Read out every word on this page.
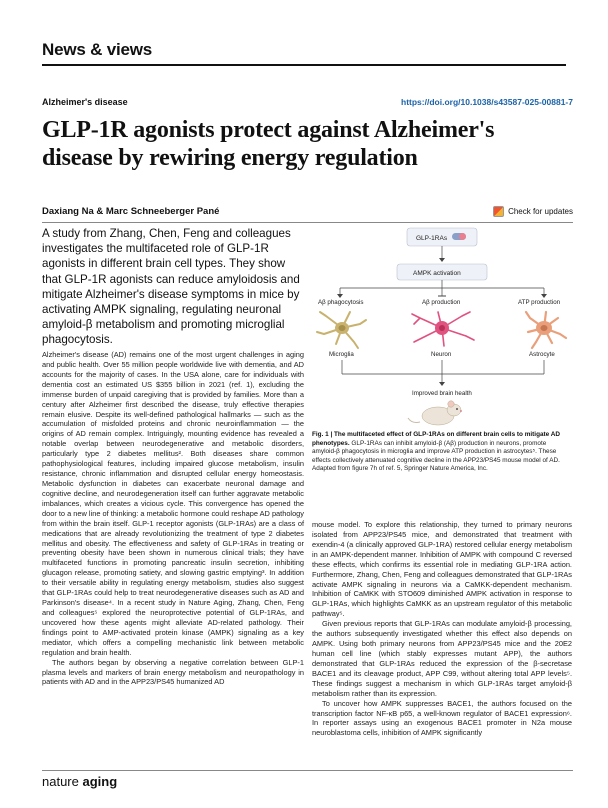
News & views
Alzheimer's disease	https://doi.org/10.1038/s43587-025-00881-7
GLP-1R agonists protect against Alzheimer's disease by rewiring energy regulation
Daxiang Na & Marc Schneeberger Pané	Check for updates

A study from Zhang, Chen, Feng and colleagues investigates the multifaceted role of GLP-1R agonists in different brain cell types. They show that GLP-1R agonists can reduce amyloidosis and mitigate Alzheimer's disease symptoms in mice by activating AMPK signaling, regulating neuronal amyloid-β metabolism and promoting microglial phagocytosis.

Alzheimer's disease (AD) remains one of the most urgent challenges in aging and public health. Over 55 million people worldwide live with dementia, and AD accounts for the majority of cases. In the USA alone, care for individuals with dementia cost an estimated US $355 billion in 2021 (ref. 1), excluding the immense burden of unpaid caregiving that is provided by families. More than a century after Alzheimer first described the disease, truly effective therapies remain elusive. Despite its well-defined pathological hallmarks — such as the accumulation of misfolded proteins and chronic neuroinflammation — the origins of AD remain complex. Intriguingly, mounting evidence has revealed a notable overlap between neurodegenerative and metabolic disorders, particularly type 2 diabetes mellitus². Both diseases share common pathophysiological features, including impaired glucose metabolism, insulin resistance, chronic inflammation and disrupted cellular energy homeostasis. Metabolic dysfunction in diabetes can exacerbate neuronal damage and cognitive decline, and neurodegeneration itself can further aggravate metabolic imbalances, which creates a vicious cycle. This convergence has opened the door to a new line of thinking: a metabolic hormone could reshape AD pathology from within the brain itself. GLP-1 receptor agonists (GLP-1RAs) are a class of medications that are already revolutionizing the treatment of type 2 diabetes mellitus and obesity. The effectiveness and safety of GLP-1RAs in treating or preventing obesity have been shown in numerous clinical trials; they have multifaceted functions in promoting pancreatic insulin secretion, inhibiting glucagon release, promoting satiety, and slowing gastric emptying³. In addition to their versatile ability in regulating energy metabolism, studies also suggest that GLP-1RAs could help to treat neurodegenerative diseases such as AD and Parkinson's disease⁴. In a recent study in Nature Aging, Zhang, Chen, Feng and colleagues⁵ explored the neuroprotective potential of GLP-1RAs, and uncovered how these agents might alleviate AD-related pathology. Their findings point to AMP-activated protein kinase (AMPK) signaling as a key mediator, which offers a compelling mechanistic link between metabolic regulation and brain health.

The authors began by observing a negative correlation between GLP-1 plasma levels and markers of brain energy metabolism and neuropathology in patients with AD and in the APP23/PS45 humanized AD

GLP-1RAs
AMPK activation
Aβ phagocytosis	Aβ production	ATP production
Microglia	Neuron	Astrocyte
Improved brain health

Fig. 1 | The multifaceted effect of GLP-1RAs on different brain cells to mitigate AD phenotypes. GLP-1RAs can inhibit amyloid-β (Aβ) production in neurons, promote amyloid-β phagocytosis in microglia and improve ATP production in astrocytes⁵. These effects collectively attenuated cognitive decline in the APP23/PS45 mouse model of AD. Adapted from figure 7h of ref. 5, Springer Nature America, Inc.

mouse model. To explore this relationship, they turned to primary neurons isolated from APP23/PS45 mice, and demonstrated that treatment with exendin-4 (a clinically approved GLP-1RA) restored cellular energy metabolism in an AMPK-dependent manner. Inhibition of AMPK with compound C reversed these effects, which confirms its essential role in mediating GLP-1RA action. Furthermore, Zhang, Chen, Feng and colleagues demonstrated that GLP-1RAs activate AMPK signaling in neurons via a CaMKK-dependent mechanism. Inhibition of CaMKK with STO609 diminished AMPK activation in response to GLP-1RAs, which highlights CaMKK as an upstream regulator of this metabolic pathway⁵.

Given previous reports that GLP-1RAs can modulate amyloid-β processing, the authors subsequently investigated whether this effect also depends on AMPK. Using both primary neurons from APP23/PS45 mice and the 20E2 human cell line (which stably expresses mutant APP), the authors demonstrated that GLP-1RAs reduced the expression of the β-secretase BACE1 and its cleavage product, APP C99, without altering total APP levels⁵. These findings suggest a mechanism in which GLP-1RAs target amyloid-β metabolism rather than its expression.

To uncover how AMPK suppresses BACE1, the authors focused on the transcription factor NF-κB p65, a well-known regulator of BACE1 expression⁶. In reporter assays using an exogenous BACE1 promoter in N2a mouse neuroblastoma cells, inhibition of AMPK significantly

nature aging
